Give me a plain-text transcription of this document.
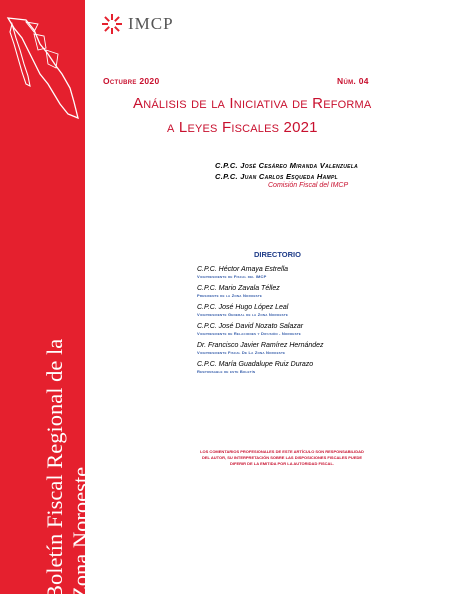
Boletín Fiscal Regional de la Zona Noroeste
IMCP
Octubre 2020	Núm. 04
Análisis de la Iniciativa de Reforma
a Leyes Fiscales 2021
C.P.C. José Cesáreo Miranda Valenzuela
C.P.C. Juan Carlos Esqueda Hampl
Comisión Fiscal del IMCP
DIRECTORIO
C.P.C. Héctor Amaya Estrella
Vicepresidente de Fiscal del IMCP
C.P.C. Mario Zavala Téllez
Presidente de la Zona Noroeste
C.P.C. José Hugo López Leal
Vicepresidente General de la Zona Noroeste
C.P.C. José David Nozato Salazar
Vicepresidente de Relaciones y Difusión - Noroeste
Dr. Francisco Javier Ramírez Hernández
Vicepresidente Fiscal De La Zona Noroeste
C.P.C. María Guadalupe Ruiz Durazo
Responsable de este Boletín
LOS COMENTARIOS PROFESIONALES DE ESTE ARTÍCULO SON RESPONSABILIDAD DEL AUTOR, SU INTERPRETACIÓN SOBRE LAS DISPOSICIONES FISCALES PUEDE DIFERIR DE LA EMITIDA POR LA AUTORIDAD FISCAL.
